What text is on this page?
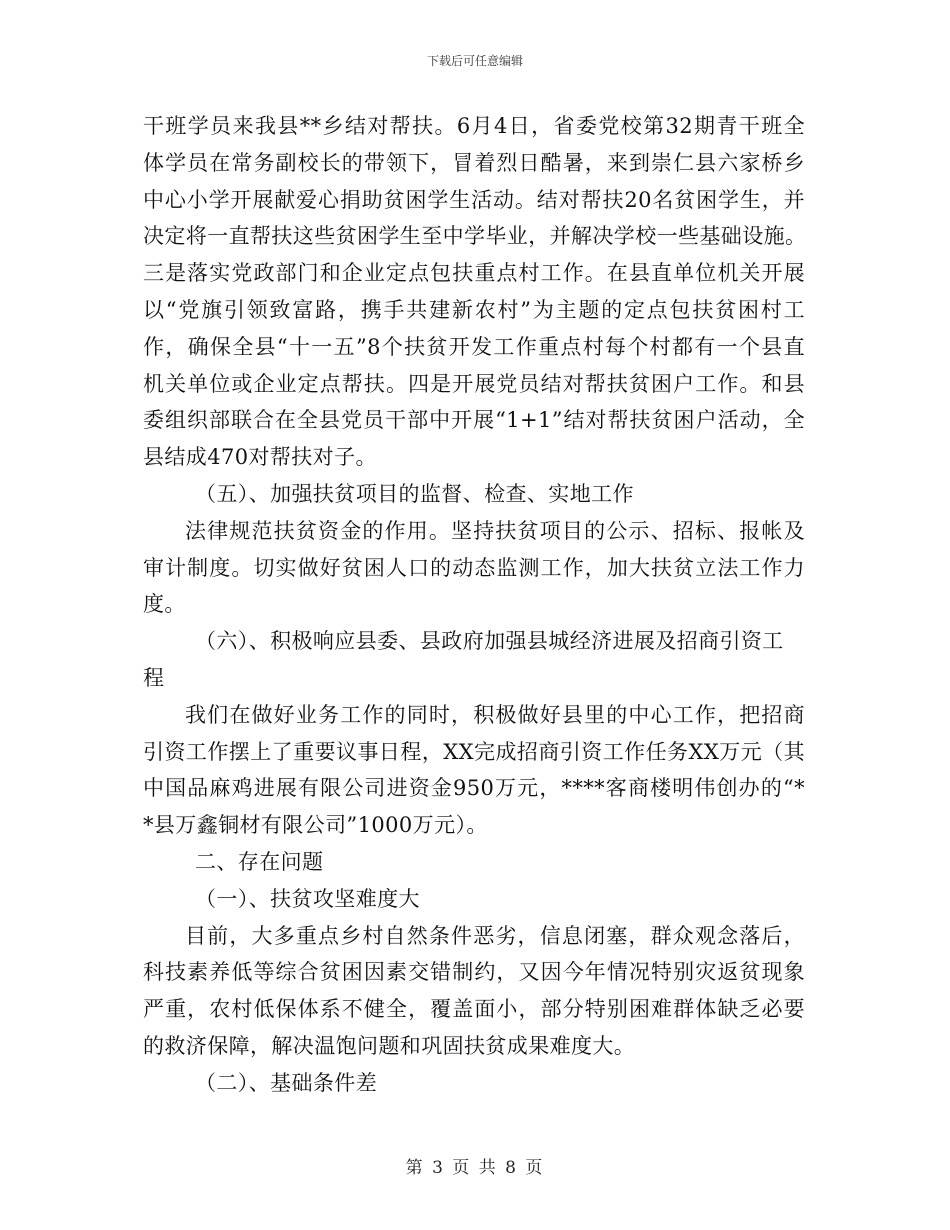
下载后可任意编辑
干班学员来我县**乡结对帮扶。6月4日，省委党校第32期青干班全
体学员在常务副校长的带领下，冒着烈日酷暑，来到崇仁县六家桥乡
中心小学开展献爱心捐助贫困学生活动。结对帮扶20名贫困学生，并
决定将一直帮扶这些贫困学生至中学毕业，并解决学校一些基础设施。
三是落实党政部门和企业定点包扶重点村工作。在县直单位机关开展
以“党旗引领致富路，携手共建新农村”为主题的定点包扶贫困村工
作，确保全县“十一五”8个扶贫开发工作重点村每个村都有一个县直
机关单位或企业定点帮扶。四是开展党员结对帮扶贫困户工作。和县
委组织部联合在全县党员干部中开展“1+1”结对帮扶贫困户活动，全
县结成470对帮扶对子。
（五）、加强扶贫项目的监督、检查、实地工作
法律规范扶贫资金的作用。坚持扶贫项目的公示、招标、报帐及
审计制度。切实做好贫困人口的动态监测工作，加大扶贫立法工作力
度。
（六）、积极响应县委、县政府加强县城经济进展及招商引资工
程
我们在做好业务工作的同时，积极做好县里的中心工作，把招商
引资工作摆上了重要议事日程，XX完成招商引资工作任务XX万元（其
中国品麻鸡进展有限公司进资金950万元，****客商楼明伟创办的“*
*县万鑫铜材有限公司”1000万元）。
二、存在问题
（一）、扶贫攻坚难度大
目前，大多重点乡村自然条件恶劣，信息闭塞，群众观念落后，
科技素养低等综合贫困因素交错制约，又因今年情况特别灾返贫现象
严重，农村低保体系不健全，覆盖面小，部分特别困难群体缺乏必要
的救济保障，解决温饱问题和巩固扶贫成果难度大。
（二）、基础条件差
第 3 页 共 8 页
